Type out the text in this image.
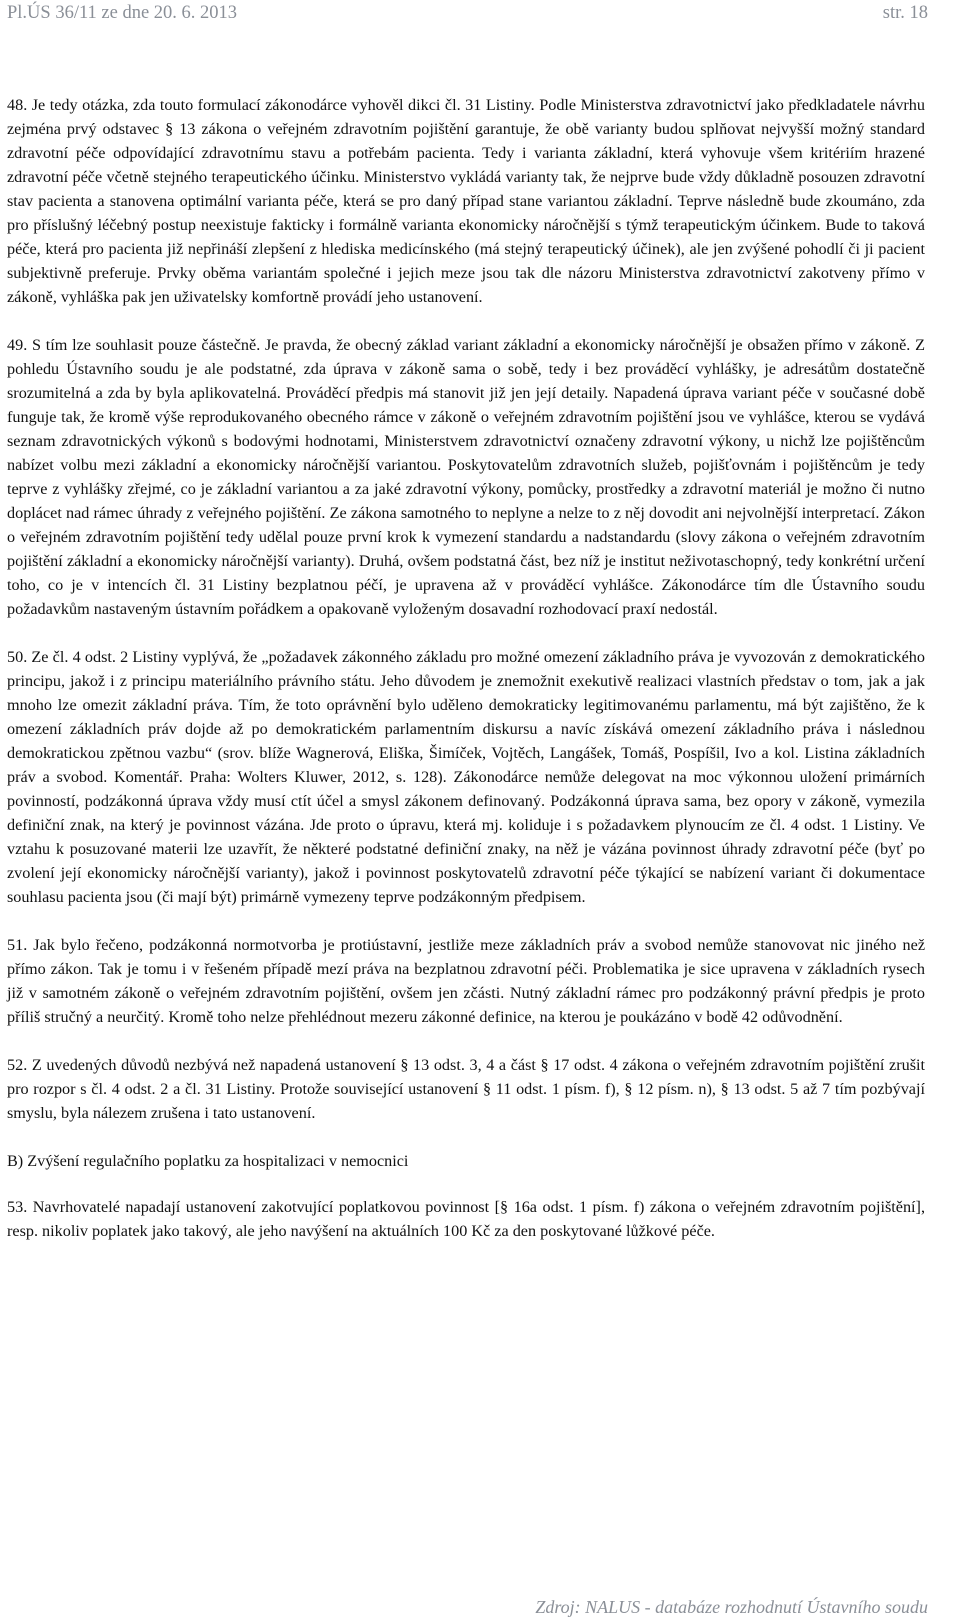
Pl.ÚS 36/11 ze dne 20. 6. 2013	str. 18

48. Je tedy otázka, zda touto formulací zákonodárce vyhověl dikci čl. 31 Listiny. Podle Ministerstva zdravotnictví jako předkladatele návrhu zejména prvý odstavec § 13 zákona o veřejném zdravotním pojištění garantuje, že obě varianty budou splňovat nejvyšší možný standard zdravotní péče odpovídající zdravotnímu stavu a potřebám pacienta. Tedy i varianta základní, která vyhovuje všem kritériím hrazené zdravotní péče včetně stejného terapeutického účinku. Ministerstvo vykládá varianty tak, že nejprve bude vždy důkladně posouzen zdravotní stav pacienta a stanovena optimální varianta péče, která se pro daný případ stane variantou základní. Teprve následně bude zkoumáno, zda pro příslušný léčebný postup neexistuje fakticky i formálně varianta ekonomicky náročnější s týmž terapeutickým účinkem. Bude to taková péče, která pro pacienta již nepřináší zlepšení z hlediska medicínského (má stejný terapeutický účinek), ale jen zvýšené pohodlí či ji pacient subjektivně preferuje. Prvky oběma variantám společné i jejich meze jsou tak dle názoru Ministerstva zdravotnictví zakotveny přímo v zákoně, vyhláška pak jen uživatelsky komfortně provádí jeho ustanovení.

49. S tím lze souhlasit pouze částečně. Je pravda, že obecný základ variant základní a ekonomicky náročnější je obsažen přímo v zákoně. Z pohledu Ústavního soudu je ale podstatné, zda úprava v zákoně sama o sobě, tedy i bez prováděcí vyhlášky, je adresátům dostatečně srozumitelná a zda by byla aplikovatelná. Prováděcí předpis má stanovit již jen její detaily. Napadená úprava variant péče v současné době funguje tak, že kromě výše reprodukovaného obecného rámce v zákoně o veřejném zdravotním pojištění jsou ve vyhlášce, kterou se vydává seznam zdravotnických výkonů s bodovými hodnotami, Ministerstvem zdravotnictví označeny zdravotní výkony, u nichž lze pojištěncům nabízet volbu mezi základní a ekonomicky náročnější variantou. Poskytovatelům zdravotních služeb, pojišťovnám i pojištěncům je tedy teprve z vyhlášky zřejmé, co je základní variantou a za jaké zdravotní výkony, pomůcky, prostředky a zdravotní materiál je možno či nutno doplácet nad rámec úhrady z veřejného pojištění. Ze zákona samotného to neplyne a nelze to z něj dovodit ani nejvolnější interpretací. Zákon o veřejném zdravotním pojištění tedy udělal pouze první krok k vymezení standardu a nadstandardu (slovy zákona o veřejném zdravotním pojištění základní a ekonomicky náročnější varianty). Druhá, ovšem podstatná část, bez níž je institut neživotaschopný, tedy konkrétní určení toho, co je v intencích čl. 31 Listiny bezplatnou péčí, je upravena až v prováděcí vyhlášce. Zákonodárce tím dle Ústavního soudu požadavkům nastaveným ústavním pořádkem a opakovaně vyloženým dosavadní rozhodovací praxí nedostál.

50. Ze čl. 4 odst. 2 Listiny vyplývá, že „požadavek zákonného základu pro možné omezení základního práva je vyvozován z demokratického principu, jakož i z principu materiálního právního státu. Jeho důvodem je znemožnit exekutivě realizaci vlastních představ o tom, jak a jak mnoho lze omezit základní práva. Tím, že toto oprávnění bylo uděleno demokraticky legitimovanému parlamentu, má být zajištěno, že k omezení základních práv dojde až po demokratickém parlamentním diskursu a navíc získává omezení základního práva i následnou demokratickou zpětnou vazbu“ (srov. blíže Wagnerová, Eliška, Šimíček, Vojtěch, Langášek, Tomáš, Pospíšil, Ivo a kol. Listina základních práv a svobod. Komentář. Praha: Wolters Kluwer, 2012, s. 128). Zákonodárce nemůže delegovat na moc výkonnou uložení primárních povinností, podzákonná úprava vždy musí ctít účel a smysl zákonem definovaný. Podzákonná úprava sama, bez opory v zákoně, vymezila definiční znak, na který je povinnost vázána. Jde proto o úpravu, která mj. koliduje i s požadavkem plynoucím ze čl. 4 odst. 1 Listiny. Ve vztahu k posuzované materii lze uzavřít, že některé podstatné definiční znaky, na něž je vázána povinnost úhrady zdravotní péče (byť po zvolení její ekonomicky náročnější varianty), jakož i povinnost poskytovatelů zdravotní péče týkající se nabízení variant či dokumentace souhlasu pacienta jsou (či mají být) primárně vymezeny teprve podzákonným předpisem.

51. Jak bylo řečeno, podzákonná normotvorba je protiústavní, jestliže meze základních práv a svobod nemůže stanovovat nic jiného než přímo zákon. Tak je tomu i v řešeném případě mezí práva na bezplatnou zdravotní péči. Problematika je sice upravena v základních rysech již v samotném zákoně o veřejném zdravotním pojištění, ovšem jen zčásti. Nutný základní rámec pro podzákonný právní předpis je proto příliš stručný a neurčitý. Kromě toho nelze přehlédnout mezeru zákonné definice, na kterou je poukázáno v bodě 42 odůvodnění.

52. Z uvedených důvodů nezbývá než napadená ustanovení § 13 odst. 3, 4 a část § 17 odst. 4 zákona o veřejném zdravotním pojištění zrušit pro rozpor s čl. 4 odst. 2 a čl. 31 Listiny. Protože související ustanovení § 11 odst. 1 písm. f), § 12 písm. n), § 13 odst. 5 až 7 tím pozbývají smyslu, byla nálezem zrušena i tato ustanovení.

B) Zvýšení regulačního poplatku za hospitalizaci v nemocnici

53. Navrhovatelé napadají ustanovení zakotvující poplatkovou povinnost [§ 16a odst. 1 písm. f) zákona o veřejném zdravotním pojištění], resp. nikoliv poplatek jako takový, ale jeho navýšení na aktuálních 100 Kč za den poskytované lůžkové péče.

Zdroj: NALUS - databáze rozhodnutí Ústavního soudu
